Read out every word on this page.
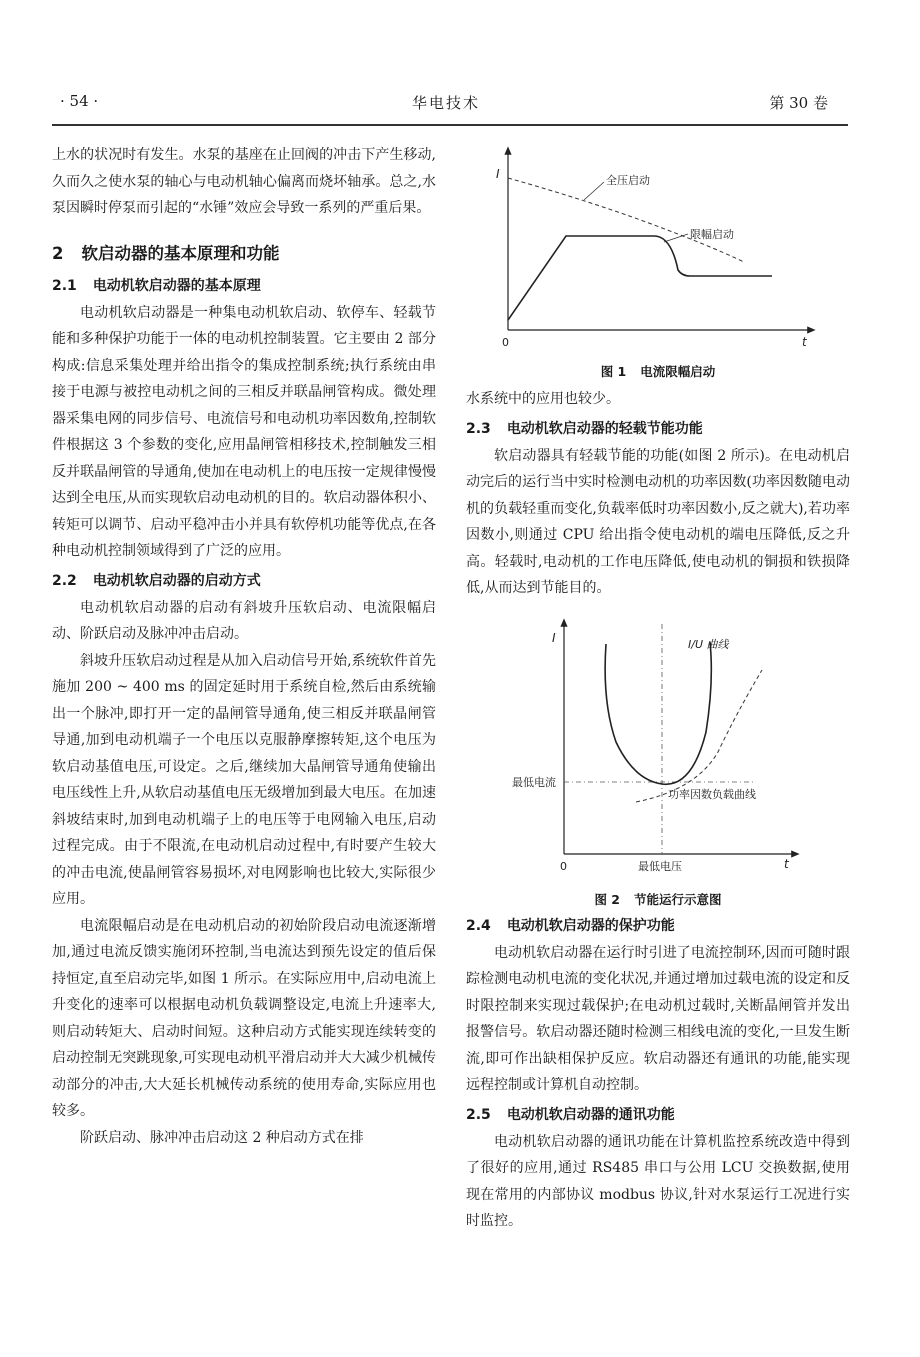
· 54 ·	华电技术	第 30 卷

上水的状况时有发生。水泵的基座在止回阀的冲击下产生移动,久而久之使水泵的轴心与电动机轴心偏离而烧坏轴承。总之,水泵因瞬时停泵而引起的“水锤”效应会导致一系列的严重后果。

2 软启动器的基本原理和功能
2.1 电动机软启动器的基本原理

电动机软启动器是一种集电动机软启动、软停车、轻载节能和多种保护功能于一体的电动机控制装置。它主要由 2 部分构成:信息采集处理并给出指令的集成控制系统;执行系统由串接于电源与被控电动机之间的三相反并联晶闸管构成。微处理器采集电网的同步信号、电流信号和电动机功率因数角,控制软件根据这 3 个参数的变化,应用晶闸管相移技术,控制触发三相反并联晶闸管的导通角,使加在电动机上的电压按一定规律慢慢达到全电压,从而实现软启动电动机的目的。软启动器体积小、转矩可以调节、启动平稳冲击小并具有软停机功能等优点,在各种电动机控制领域得到了广泛的应用。

2.2 电动机软启动器的启动方式

电动机软启动器的启动有斜坡升压软启动、电流限幅启动、阶跃启动及脉冲冲击启动。

斜坡升压软启动过程是从加入启动信号开始,系统软件首先施加 200 ~ 400 ms 的固定延时用于系统自检,然后由系统输出一个脉冲,即打开一定的晶闸管导通角,使三相反并联晶闸管导通,加到电动机端子一个电压以克服静摩擦转矩,这个电压为软启动基值电压,可设定。之后,继续加大晶闸管导通角使输出电压线性上升,从软启动基值电压无级增加到最大电压。在加速斜坡结束时,加到电动机端子上的电压等于电网输入电压,启动过程完成。由于不限流,在电动机启动过程中,有时要产生较大的冲击电流,使晶闸管容易损坏,对电网影响也比较大,实际很少应用。

电流限幅启动是在电动机启动的初始阶段启动电流逐渐增加,通过电流反馈实施闭环控制,当电流达到预先设定的值后保持恒定,直至启动完毕,如图 1 所示。在实际应用中,启动电流上升变化的速率可以根据电动机负载调整设定,电流上升速率大,则启动转矩大、启动时间短。这种启动方式能实现连续转变的启动控制无突跳现象,可实现电动机平滑启动并大大减少机械传动部分的冲击,大大延长机械传动系统的使用寿命,实际应用也较多。

阶跃启动、脉冲冲击启动这 2 种启动方式在排

I
t
0
全压启动
限幅启动
图 1 电流限幅启动

水系统中的应用也较少。

2.3 电动机软启动器的轻载节能功能

软启动器具有轻载节能的功能(如图 2 所示)。在电动机启动完后的运行当中实时检测电动机的功率因数(功率因数随电动机的负载轻重而变化,负载率低时功率因数小,反之就大),若功率因数小,则通过 CPU 给出指令使电动机的端电压降低,反之升高。轻载时,电动机的工作电压降低,使电动机的铜损和铁损降低,从而达到节能目的。

I
t
0
I/U 曲线
最低电流
功率因数负载曲线
最低电压
图 2 节能运行示意图
2.4 电动机软启动器的保护功能

电动机软启动器在运行时引进了电流控制环,因而可随时跟踪检测电动机电流的变化状况,并通过增加过载电流的设定和反时限控制来实现过载保护;在电动机过载时,关断晶闸管并发出报警信号。软启动器还随时检测三相线电流的变化,一旦发生断流,即可作出缺相保护反应。软启动器还有通讯的功能,能实现远程控制或计算机自动控制。

2.5 电动机软启动器的通讯功能

电动机软启动器的通讯功能在计算机监控系统改造中得到了很好的应用,通过 RS485 串口与公用 LCU 交换数据,使用现在常用的内部协议 modbus 协议,针对水泵运行工况进行实时监控。
